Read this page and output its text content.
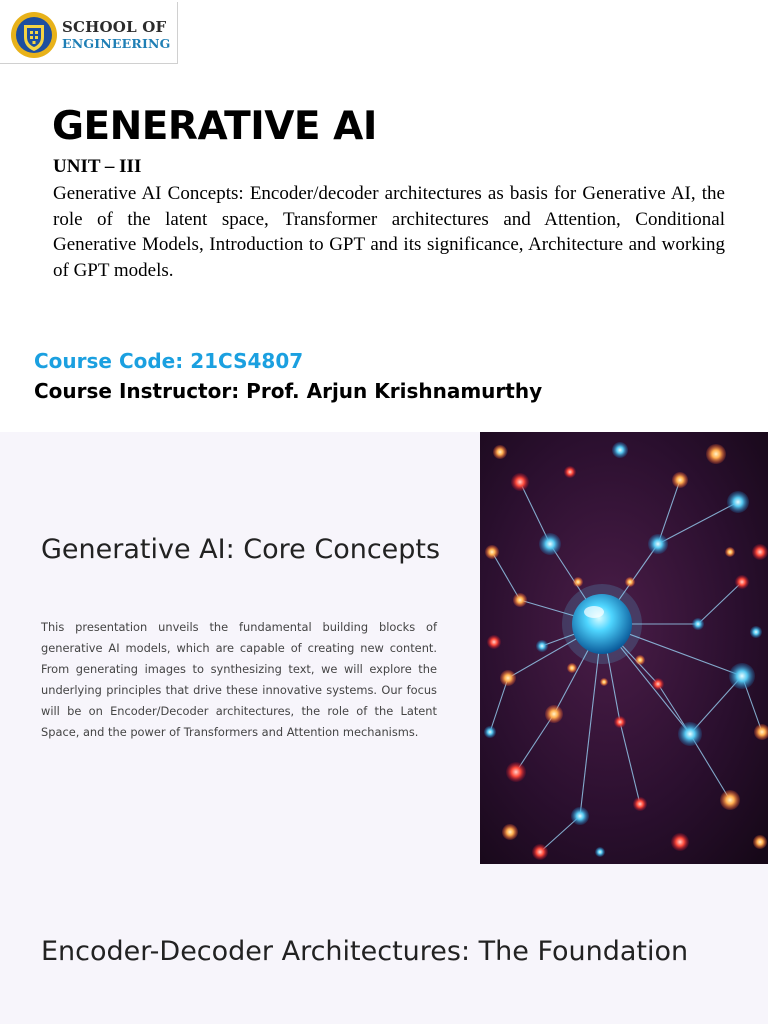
SCHOOL OF
ENGINEERING
GENERATIVE AI
UNIT – III

Generative AI Concepts: Encoder/decoder architectures as basis for Generative AI, the role of the latent space, Transformer architectures and Attention, Conditional Generative Models, Introduction to GPT and its significance, Architecture and working of GPT models.

Course Code: 21CS4807
Course Instructor: Prof. Arjun Krishnamurthy
Generative AI: Core Concepts

This presentation unveils the fundamental building blocks of generative AI models, which are capable of creating new content. From generating images to synthesizing text, we will explore the underlying principles that drive these innovative systems. Our focus will be on Encoder/Decoder architectures, the role of the Latent Space, and the power of Transformers and Attention mechanisms.

Encoder-Decoder Architectures: The Foundation
